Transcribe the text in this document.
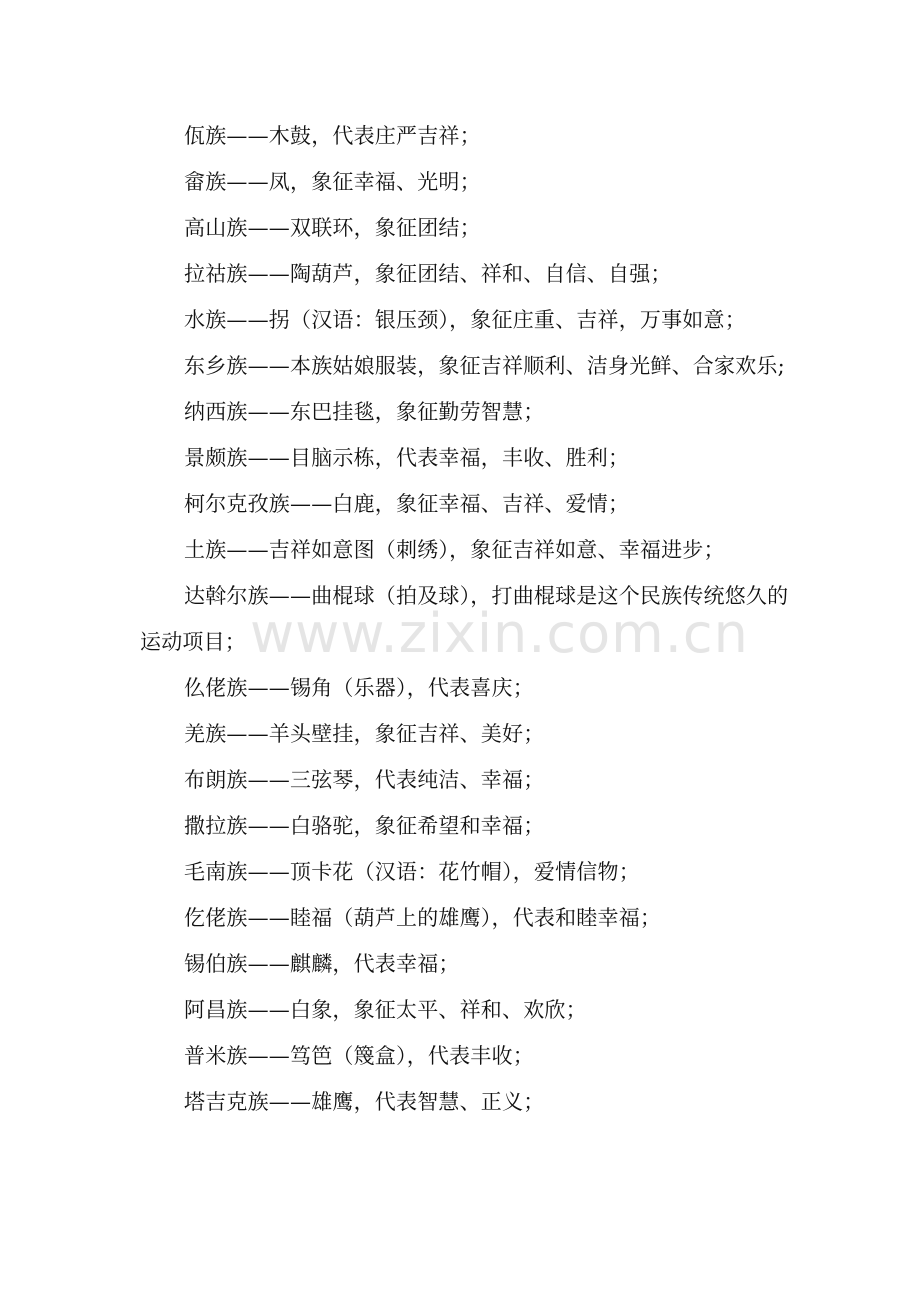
佤族——木鼓，代表庄严吉祥；

畲族——凤，象征幸福、光明；

高山族——双联环，象征团结；

拉祜族——陶葫芦，象征团结、祥和、自信、自强；

水族——拐（汉语：银压颈），象征庄重、吉祥，万事如意；

东乡族——本族姑娘服装，象征吉祥顺利、洁身光鲜、合家欢乐;

纳西族——东巴挂毯，象征勤劳智慧；

景颇族——目脑示栋，代表幸福，丰收、胜利；

柯尔克孜族——白鹿，象征幸福、吉祥、爱情；

土族——吉祥如意图（刺绣），象征吉祥如意、幸福进步；

达斡尔族——曲棍球（拍及球），打曲棍球是这个民族传统悠久的运动项目；

仫佬族——锡角（乐器），代表喜庆；

羌族——羊头壁挂，象征吉祥、美好；

布朗族——三弦琴，代表纯洁、幸福；

撒拉族——白骆驼，象征希望和幸福；

毛南族——顶卡花（汉语：花竹帽），爱情信物；

仡佬族——睦福（葫芦上的雄鹰），代表和睦幸福；

锡伯族——麒麟，代表幸福；

阿昌族——白象，象征太平、祥和、欢欣；

普米族——笃笆（篾盒），代表丰收；

塔吉克族——雄鹰，代表智慧、正义；

www.zixin.com.cn
